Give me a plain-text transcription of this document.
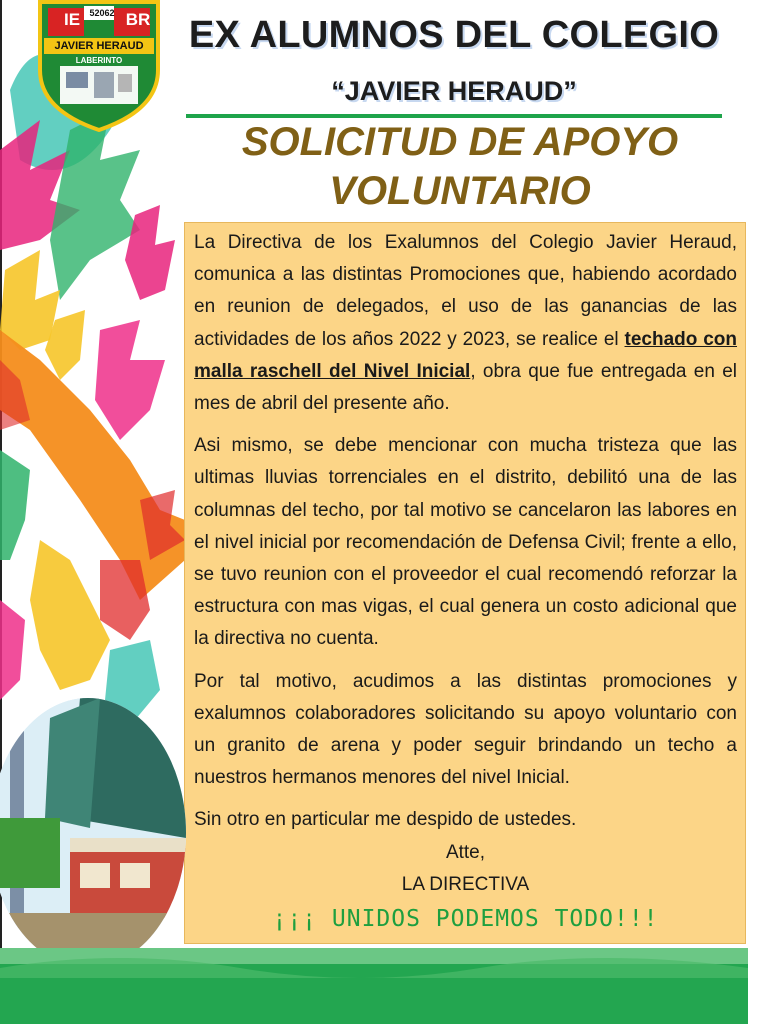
IE	BR
52062
JAVIER HERAUD
LABERINTO
EX ALUMNOS DEL COLEGIO
“JAVIER HERAUD”
SOLICITUD DE APOYO
VOLUNTARIO

La Directiva de los Exalumnos del Colegio Javier Heraud, comunica a las distintas Promociones que, habiendo acordado en reunion de delegados, el uso de las ganancias de las actividades de los años 2022 y 2023, se realice el techado con malla raschell del Nivel Inicial, obra que fue entregada en el mes de abril del presente año.

Asi mismo, se debe mencionar con mucha tristeza que las ultimas lluvias torrenciales en el distrito, debilitó una de las columnas del techo, por tal motivo se cancelaron las labores en el nivel inicial por recomendación de Defensa Civil; frente a ello, se tuvo reunion con el proveedor el cual recomendó reforzar la estructura con mas vigas, el cual genera un costo adicional que la directiva no cuenta.

Por tal motivo, acudimos a las distintas promociones y exalumnos colaboradores solicitando su apoyo voluntario con un granito de arena y poder seguir brindando un techo a nuestros hermanos menores del nivel Inicial.

Sin otro en particular me despido de ustedes.
Atte,
LA DIRECTIVA
¡¡¡ UNIDOS PODEMOS TODO!!!
